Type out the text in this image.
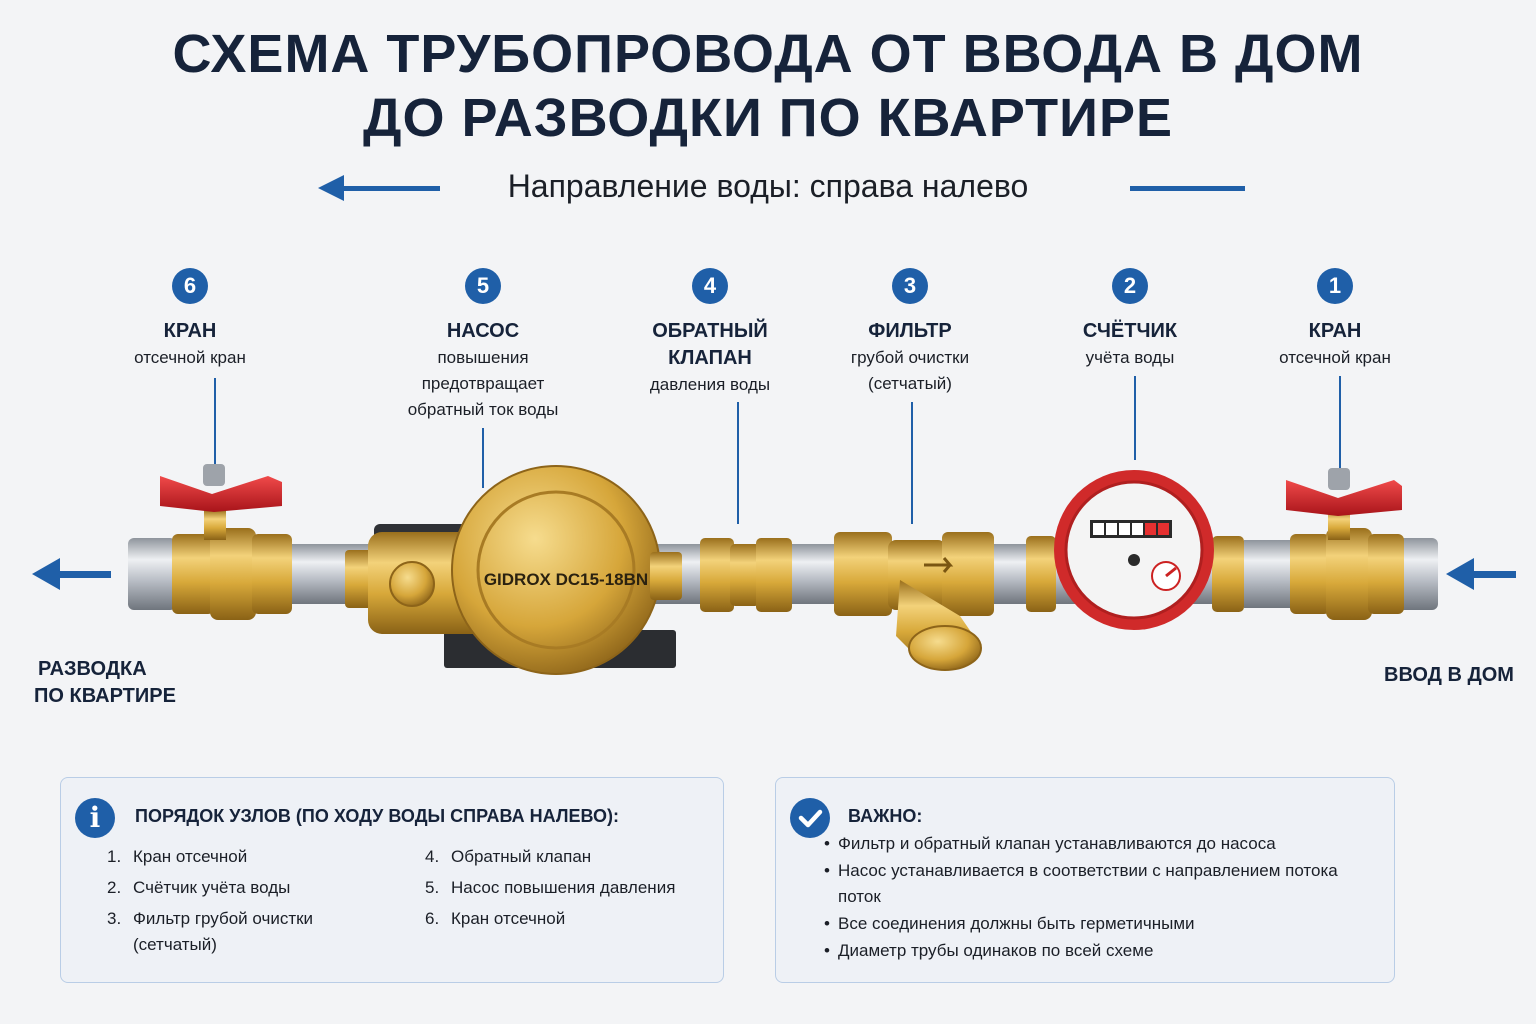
СХЕМА ТРУБОПРОВОДА ОТ ВВОДА В ДОМ
ДО РАЗВОДКИ ПО КВАРТИРЕ
Направление воды: справа налево
6
КРАН
отсечной кран
5
НАСОС
повышения
предотвращает
обратный ток воды
4
ОБРАТНЫЙ КЛАПАН
давления воды
3
ФИЛЬТР
грубой очистки
(сетчатый)
2
СЧЁТЧИК
учёта воды
1
КРАН
отсечной кран
GIDROX DC15-18BN
РАЗВОДКА
ПО КВАРТИРЕ
ВВОД В ДОМ
i	ПОРЯДОК УЗЛОВ (ПО ХОДУ ВОДЫ СПРАВА НАЛЕВО):
1. Кран отсечной
2. Счётчик учёта воды
3. Фильтр грубой очистки
(сетчатый)
4. Обратный клапан
5. Насос повышения давления
6. Кран отсечной
ВАЖНО:
• Фильтр и обратный клапан устанавливаются до насоса
• Насос устанавливается в соответствии с направлением потока
поток
• Все соединения должны быть герметичными
• Диаметр трубы одинаков по всей схеме
